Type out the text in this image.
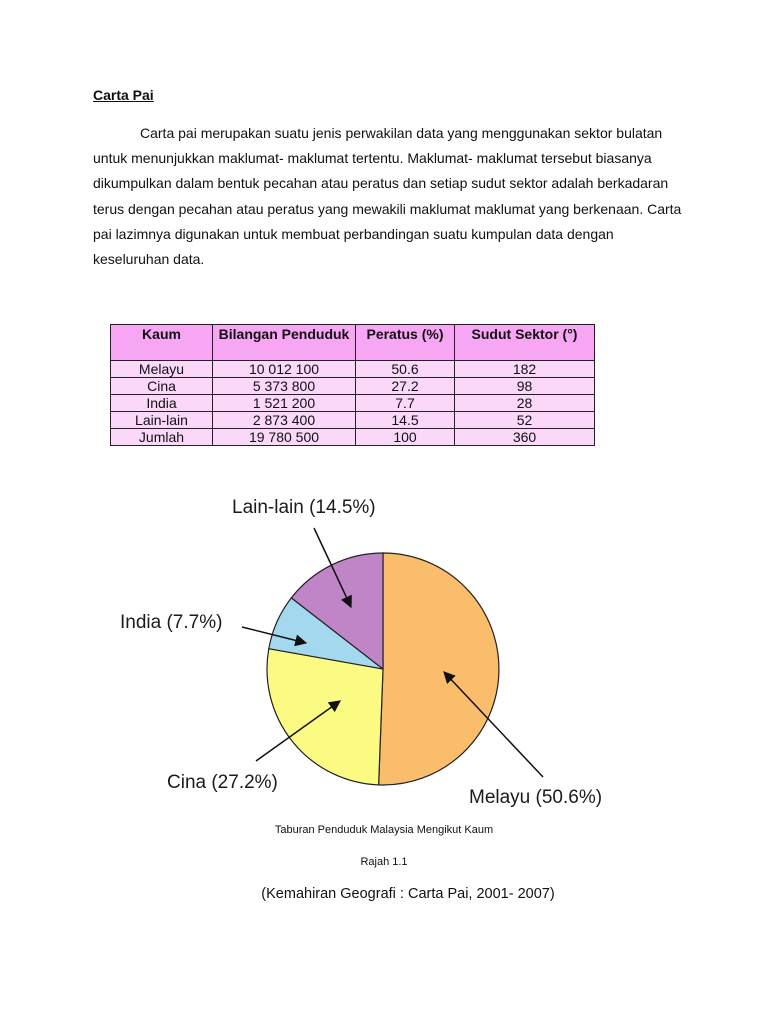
Carta Pai

Carta pai merupakan suatu jenis perwakilan data yang menggunakan sektor bulatan untuk menunjukkan maklumat- maklumat tertentu. Maklumat- maklumat tersebut biasanya dikumpulkan dalam bentuk pecahan atau peratus dan setiap sudut sektor adalah berkadaran terus dengan pecahan atau peratus yang mewakili maklumat maklumat yang berkenaan. Carta pai lazimnya digunakan untuk membuat perbandingan suatu kumpulan data dengan keseluruhan data.

Kaum	Bilangan Penduduk	Peratus (%)	Sudut Sektor (°)
Melayu	10 012 100	50.6	182
Cina	5 373 800	27.2	98
India	1 521 200	7.7	28
Lain-lain	2 873 400	14.5	52
Jumlah	19 780 500	100	360
Lain-lain (14.5%)
India (7.7%)
Cina (27.2%)
Melayu (50.6%)

Taburan Penduduk Malaysia Mengikut Kaum

Rajah 1.1

(Kemahiran Geografi : Carta Pai, 2001- 2007)
